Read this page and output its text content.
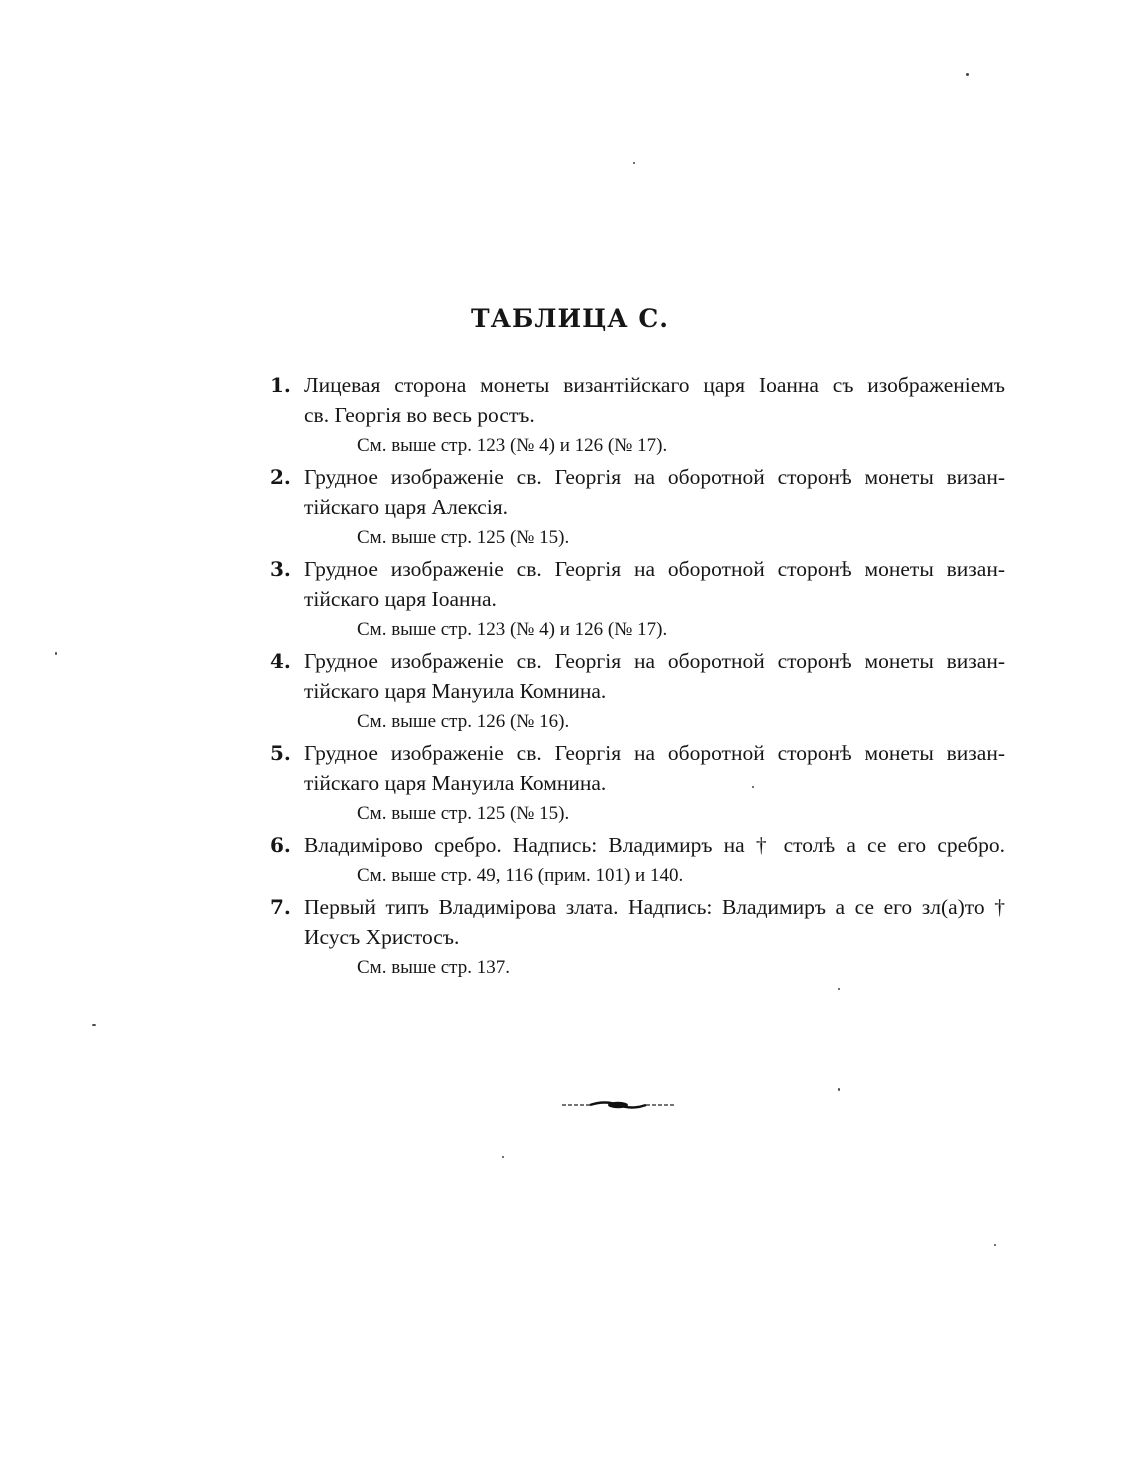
ТАБЛИЦА С.
1. Лицевая сторона монеты византійскаго царя Іоанна съ изображеніемъ
св. Георгія во весь ростъ.
См. выше стр. 123 (№ 4) и 126 (№ 17).
2. Грудное изображеніе св. Георгія на оборотной сторонѣ монеты визан-
тійскаго царя Алексія.
См. выше стр. 125 (№ 15).
3. Грудное изображеніе св. Георгія на оборотной сторонѣ монеты визан-
тійскаго царя Іоанна.
См. выше стр. 123 (№ 4) и 126 (№ 17).
4. Грудное изображеніе св. Георгія на оборотной сторонѣ монеты визан-
тійскаго царя Мануила Комнина.
См. выше стр. 126 (№ 16).
5. Грудное изображеніе св. Георгія на оборотной сторонѣ монеты визан-
тійскаго царя Мануила Комнина.
См. выше стр. 125 (№ 15).
6. Владимірово сребро. Надпись: Владимиръ на † столѣ а се его сребро.
См. выше стр. 49, 116 (прим. 101) и 140.
7. Первый типъ Владимірова злата. Надпись: Владимиръ а се его зл(а)то †
Исусъ Христосъ.
См. выше стр. 137.
